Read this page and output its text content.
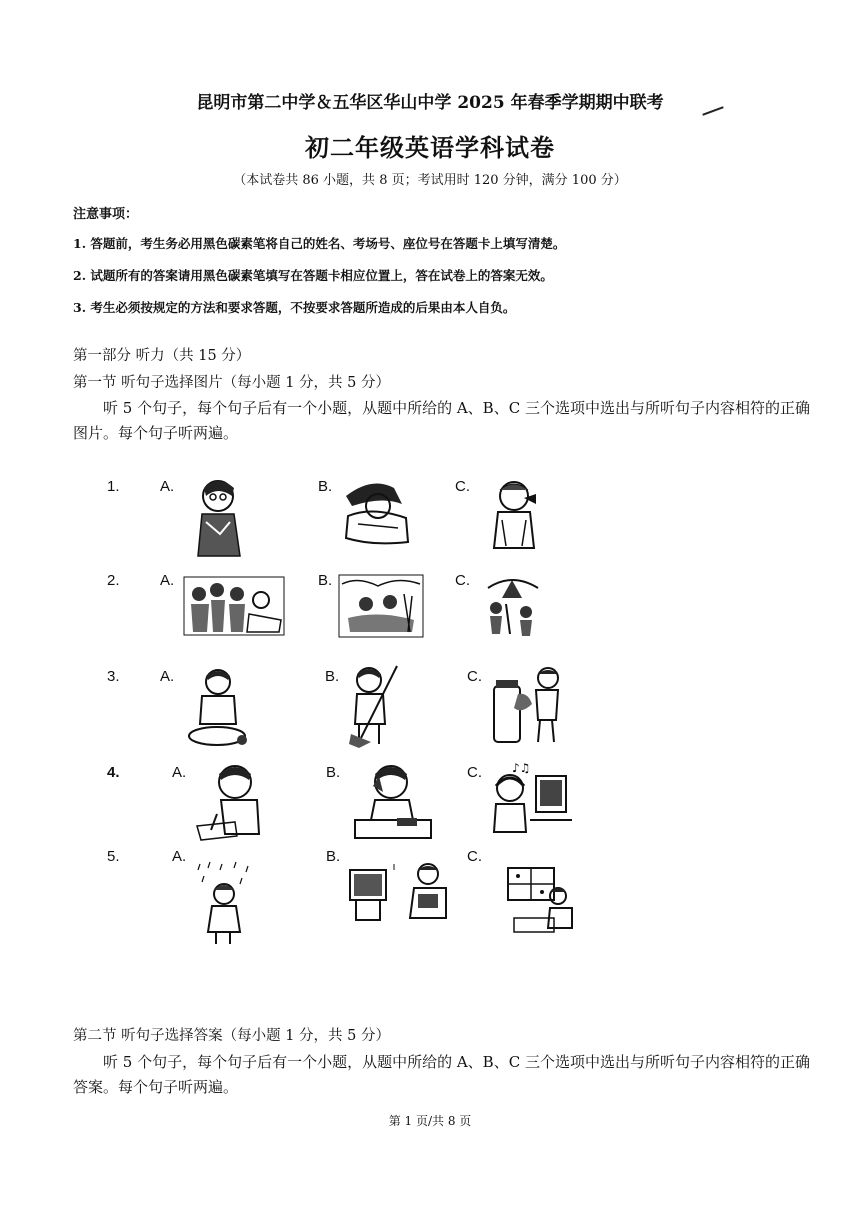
昆明市第二中学＆五华区华山中学 2025 年春季学期期中联考
初二年级英语学科试卷
（本试卷共 86 小题，共 8 页；考试用时 120 分钟，满分 100 分）
注意事项：
1. 答题前，考生务必用黑色碳素笔将自己的姓名、考场号、座位号在答题卡上填写清楚。
2. 试题所有的答案请用黑色碳素笔填写在答题卡相应位置上，答在试卷上的答案无效。
3. 考生必须按规定的方法和要求答题，不按要求答题所造成的后果由本人自负。
第一部分 听力（共 15 分）
第一节 听句子选择图片（每小题 1 分，共 5 分）
听 5 个句子，每个句子后有一个小题，从题中所给的 A、B、C 三个选项中选出与所听句子内容相符的正确图片。每个句子听两遍。
1.	A.	B.	C.
2.	A.	B.	C.
3.	A.	B.	C.
4.	A.	B.	C.	♪♫
5.	A.	B.	C.
第二节 听句子选择答案（每小题 1 分，共 5 分）
听 5 个句子，每个句子后有一个小题，从题中所给的 A、B、C 三个选项中选出与所听句子内容相符的正确答案。每个句子听两遍。
第 1 页/共 8 页
